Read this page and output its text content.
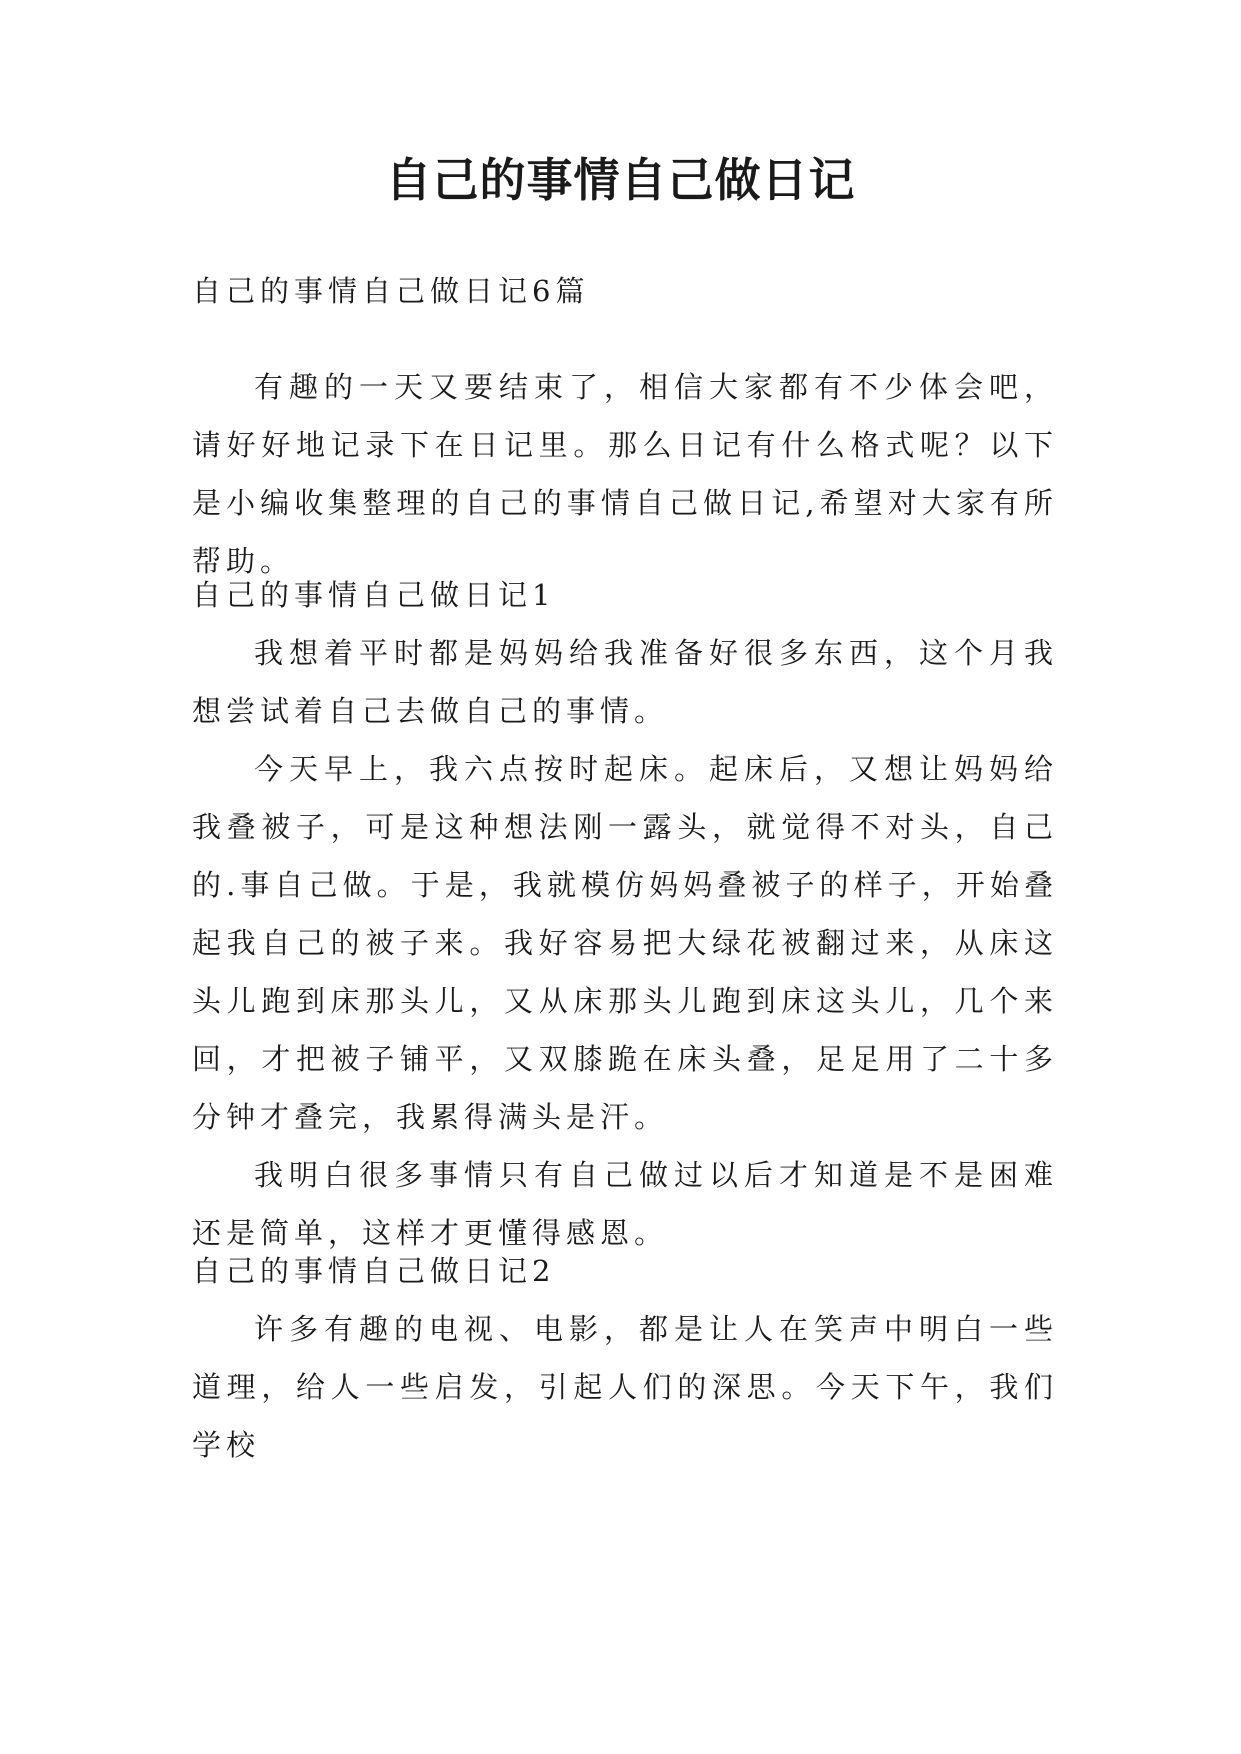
自己的事情自己做日记

自己的事情自己做日记6篇

有趣的一天又要结束了，相信大家都有不少体会吧，请好好地记录下在日记里。那么日记有什么格式呢？以下是小编收集整理的自己的事情自己做日记,希望对大家有所帮助。

自己的事情自己做日记1

我想着平时都是妈妈给我准备好很多东西，这个月我想尝试着自己去做自己的事情。

今天早上，我六点按时起床。起床后，又想让妈妈给我叠被子，可是这种想法刚一露头，就觉得不对头，自己的.事自己做。于是，我就模仿妈妈叠被子的样子，开始叠起我自己的被子来。我好容易把大绿花被翻过来，从床这头儿跑到床那头儿，又从床那头儿跑到床这头儿，几个来回，才把被子铺平，又双膝跪在床头叠，足足用了二十多分钟才叠完，我累得满头是汗。

我明白很多事情只有自己做过以后才知道是不是困难还是简单，这样才更懂得感恩。

自己的事情自己做日记2

许多有趣的电视、电影，都是让人在笑声中明白一些道理，给人一些启发，引起人们的深思。今天下午，我们学校
